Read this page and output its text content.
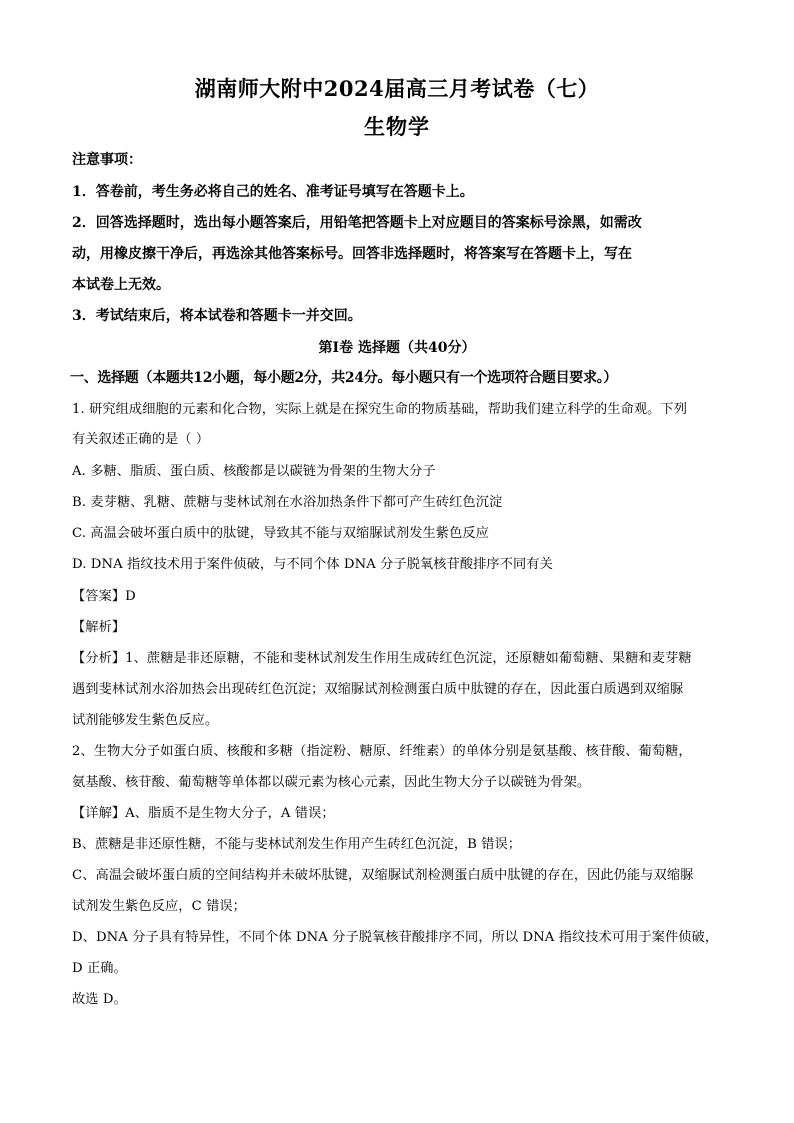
湖南师大附中2024届高三月考试卷（七）
生物学
注意事项：
1．答卷前，考生务必将自己的姓名、准考证号填写在答题卡上。
2．回答选择题时，选出每小题答案后，用铅笔把答题卡上对应题目的答案标号涂黑，如需改
动，用橡皮擦干净后，再选涂其他答案标号。回答非选择题时，将答案写在答题卡上，写在
本试卷上无效。
3．考试结束后，将本试卷和答题卡一并交回。
第Ⅰ卷 选择题（共40分）
一、选择题（本题共12小题，每小题2分，共24分。每小题只有一个选项符合题目要求。）
1. 研究组成细胞的元素和化合物，实际上就是在探究生命的物质基础，帮助我们建立科学的生命观。下列
有关叙述正确的是（ ）
A. 多糖、脂质、蛋白质、核酸都是以碳链为骨架的生物大分子
B. 麦芽糖、乳糖、蔗糖与斐林试剂在水浴加热条件下都可产生砖红色沉淀
C. 高温会破坏蛋白质中的肽键，导致其不能与双缩脲试剂发生紫色反应
D. DNA 指纹技术用于案件侦破，与不同个体 DNA 分子脱氧核苷酸排序不同有关
【答案】D
【解析】
【分析】1、蔗糖是非还原糖，不能和斐林试剂发生作用生成砖红色沉淀，还原糖如葡萄糖、果糖和麦芽糖
遇到斐林试剂水浴加热会出现砖红色沉淀；双缩脲试剂检测蛋白质中肽键的存在，因此蛋白质遇到双缩脲
试剂能够发生紫色反应。
2、生物大分子如蛋白质、核酸和多糖（指淀粉、糖原、纤维素）的单体分别是氨基酸、核苷酸、葡萄糖，
氨基酸、核苷酸、葡萄糖等单体都以碳元素为核心元素，因此生物大分子以碳链为骨架。
【详解】A、脂质不是生物大分子，A 错误；
B、蔗糖是非还原性糖，不能与斐林试剂发生作用产生砖红色沉淀，B 错误；
C、高温会破坏蛋白质的空间结构并未破坏肽键，双缩脲试剂检测蛋白质中肽键的存在，因此仍能与双缩脲
试剂发生紫色反应，C 错误；
D、DNA 分子具有特异性，不同个体 DNA 分子脱氧核苷酸排序不同，所以 DNA 指纹技术可用于案件侦破，
D 正确。
故选 D。
